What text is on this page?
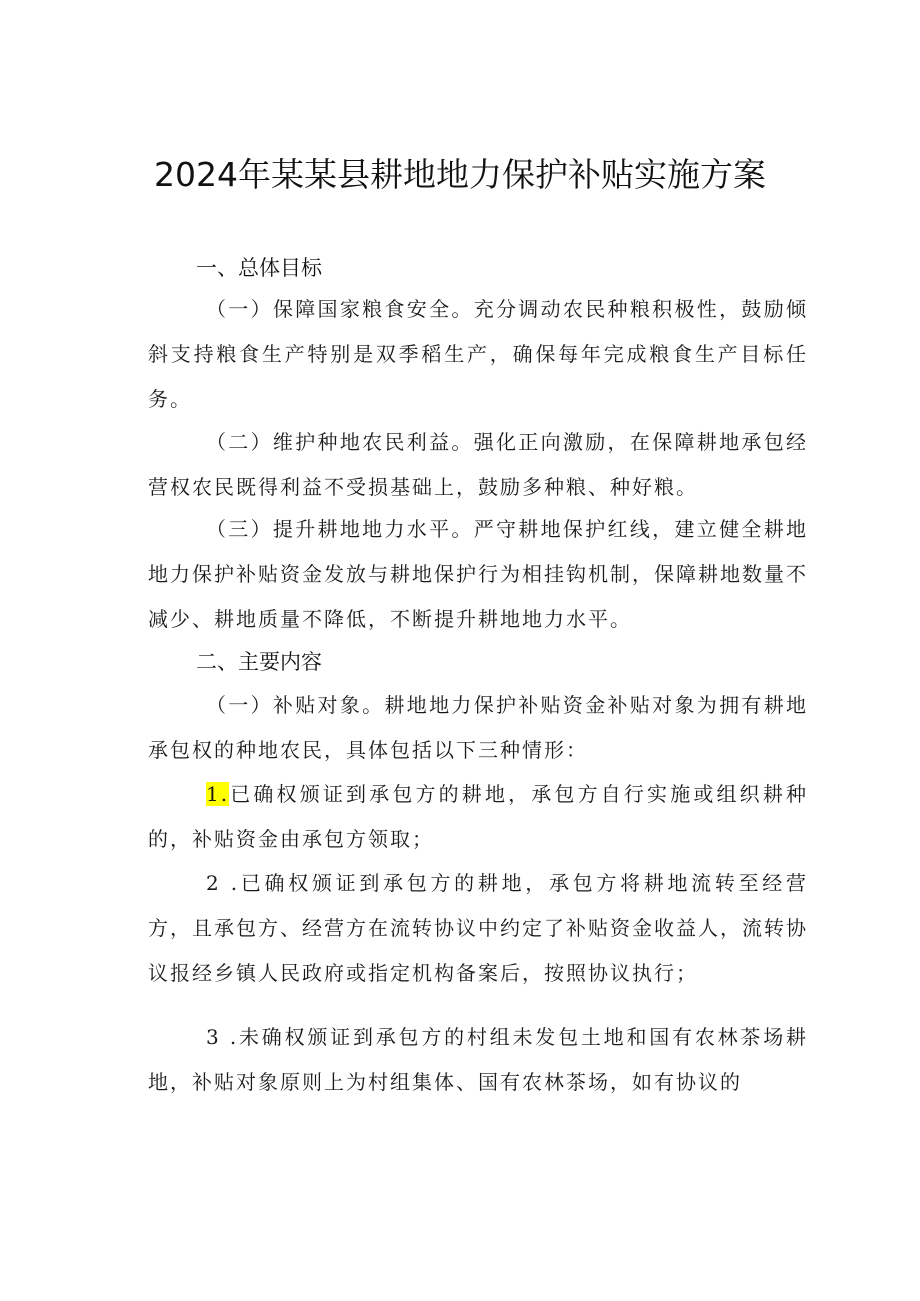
2024年某某县耕地地力保护补贴实施方案
一、总体目标

（一）保障国家粮食安全。充分调动农民种粮积极性，鼓励倾斜支持粮食生产特别是双季稻生产，确保每年完成粮食生产目标任务。

（二）维护种地农民利益。强化正向激励，在保障耕地承包经营权农民既得利益不受损基础上，鼓励多种粮、种好粮。

（三）提升耕地地力水平。严守耕地保护红线，建立健全耕地地力保护补贴资金发放与耕地保护行为相挂钩机制，保障耕地数量不减少、耕地质量不降低，不断提升耕地地力水平。

二、主要内容

（一）补贴对象。耕地地力保护补贴资金补贴对象为拥有耕地承包权的种地农民，具体包括以下三种情形：

1.已确权颁证到承包方的耕地，承包方自行实施或组织耕种的，补贴资金由承包方领取；

2 .已确权颁证到承包方的耕地，承包方将耕地流转至经营方，且承包方、经营方在流转协议中约定了补贴资金收益人，流转协议报经乡镇人民政府或指定机构备案后，按照协议执行；

3 .未确权颁证到承包方的村组未发包土地和国有农林茶场耕地，补贴对象原则上为村组集体、国有农林茶场，如有协议的
